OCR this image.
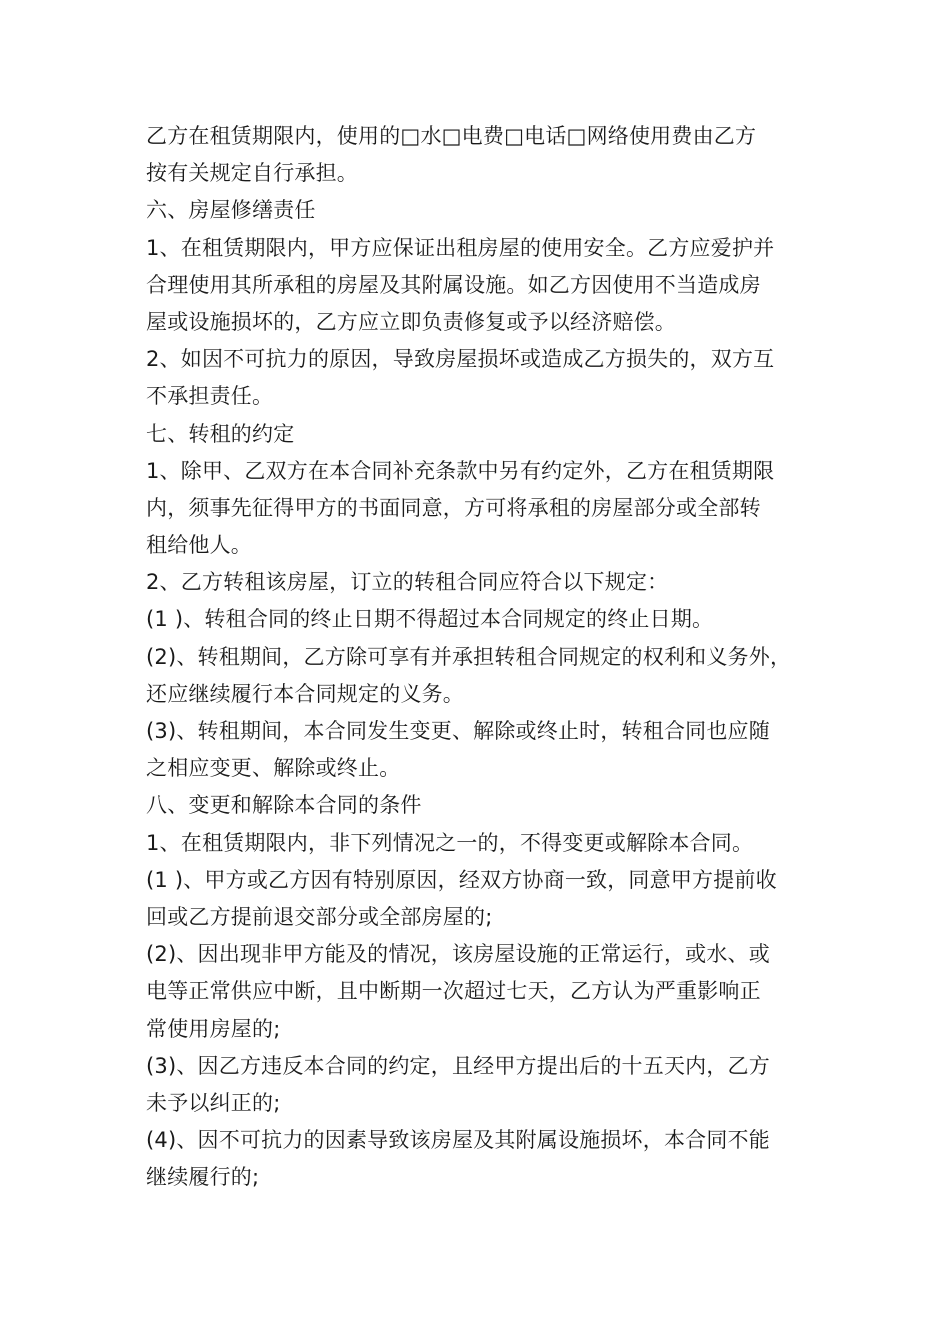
乙方在租赁期限内，使用的□水□电费□电话□网络使用费由乙方
按有关规定自行承担。
六、房屋修缮责任
1、在租赁期限内，甲方应保证出租房屋的使用安全。乙方应爱护并
合理使用其所承租的房屋及其附属设施。如乙方因使用不当造成房
屋或设施损坏的，乙方应立即负责修复或予以经济赔偿。
2、如因不可抗力的原因，导致房屋损坏或造成乙方损失的，双方互
不承担责任。
七、转租的约定
1、除甲、乙双方在本合同补充条款中另有约定外，乙方在租赁期限
内，须事先征得甲方的书面同意，方可将承租的房屋部分或全部转
租给他人。
2、乙方转租该房屋，订立的转租合同应符合以下规定：
(1 )、转租合同的终止日期不得超过本合同规定的终止日期。
(2)、转租期间，乙方除可享有并承担转租合同规定的权利和义务外，
还应继续履行本合同规定的义务。
(3)、转租期间，本合同发生变更、解除或终止时，转租合同也应随
之相应变更、解除或终止。
八、变更和解除本合同的条件
1、在租赁期限内，非下列情况之一的，不得变更或解除本合同。
(1 )、甲方或乙方因有特别原因，经双方协商一致，同意甲方提前收
回或乙方提前退交部分或全部房屋的;
(2)、因出现非甲方能及的情况，该房屋设施的正常运行，或水、或
电等正常供应中断，且中断期一次超过七天，乙方认为严重影响正
常使用房屋的;
(3)、因乙方违反本合同的约定，且经甲方提出后的十五天内，乙方
未予以纠正的;
(4)、因不可抗力的因素导致该房屋及其附属设施损坏，本合同不能
继续履行的;
